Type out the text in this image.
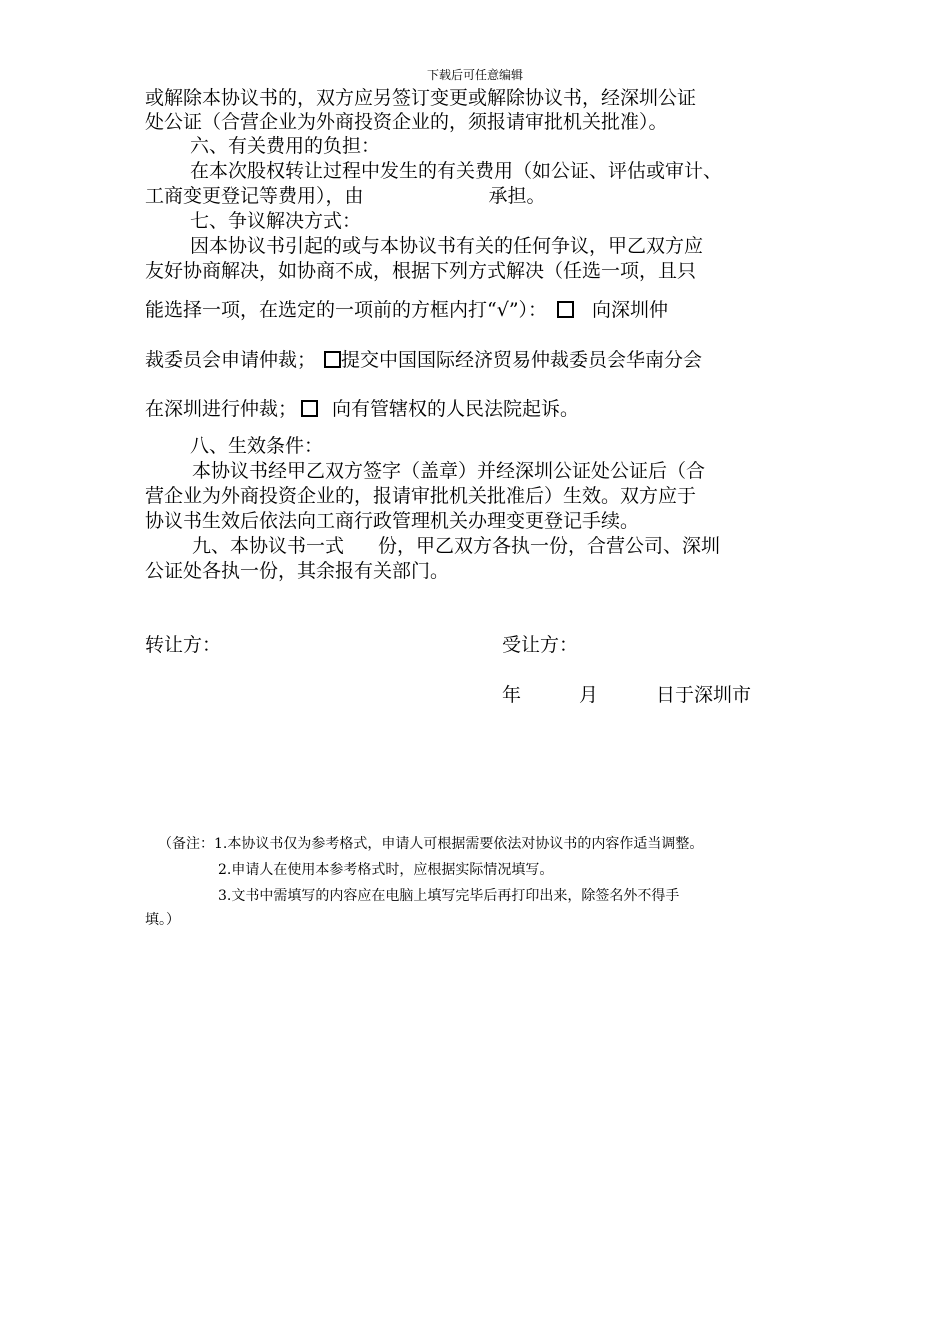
下载后可任意编辑
或解除本协议书的，双方应另签订变更或解除协议书，经深圳公证
处公证（合营企业为外商投资企业的，须报请审批机关批准）。
六、有关费用的负担：
在本次股权转让过程中发生的有关费用（如公证、评估或审计、
工商变更登记等费用），由	承担。
七、争议解决方式：
因本协议书引起的或与本协议书有关的任何争议，甲乙双方应
友好协商解决，如协商不成，根据下列方式解决（任选一项，且只
能选择一项，在选定的一项前的方框内打“√”）： 向深圳仲
裁委员会申请仲裁； 提交中国国际经济贸易仲裁委员会华南分会
在深圳进行仲裁； 向有管辖权的人民法院起诉。
八、生效条件：
本协议书经甲乙双方签字（盖章）并经深圳公证处公证后（合
营企业为外商投资企业的，报请审批机关批准后）生效。双方应于
协议书生效后依法向工商行政管理机关办理变更登记手续。
九、本协议书一式 份，甲乙双方各执一份，合营公司、深圳
公证处各执一份，其余报有关部门。
转让方：	受让方：
年	月	日于深圳市
（备注：1.本协议书仅为参考格式，申请人可根据需要依法对协议书的内容作适当调整。
2.申请人在使用本参考格式时，应根据实际情况填写。
3.文书中需填写的内容应在电脑上填写完毕后再打印出来，除签名外不得手
填。）
